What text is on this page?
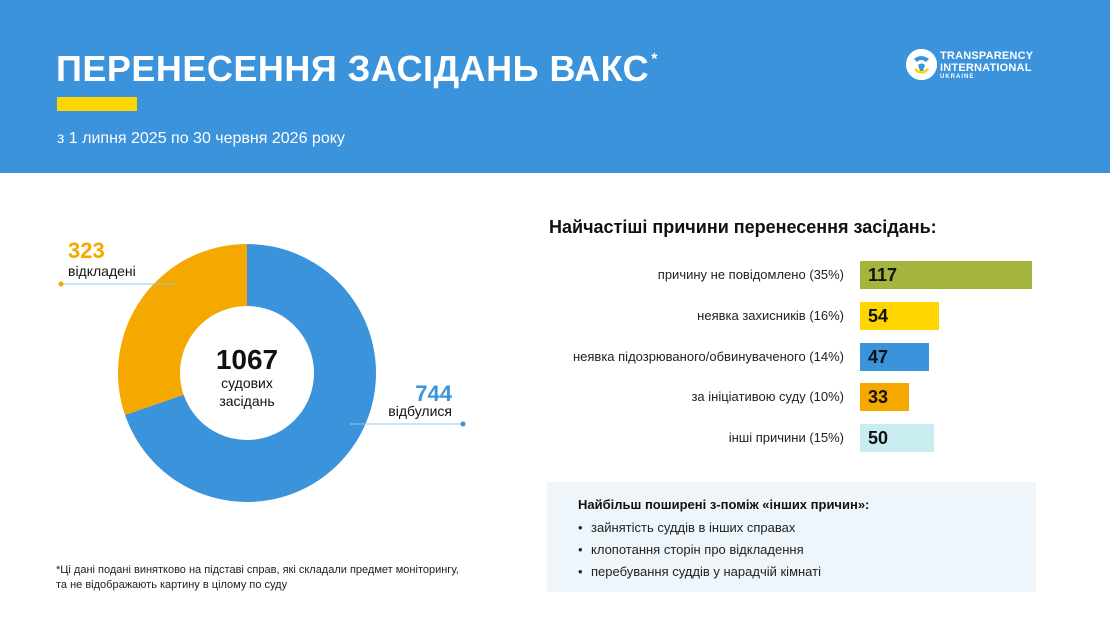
ПЕРЕНЕСЕННЯ ЗАСІДАНЬ ВАКС *
з 1 липня 2025 по 30 червня 2026 року
TRANSPARENCY
INTERNATIONAL
UKRAINE
1067
судових
засідань
323
відкладені
744
відбулися
Найчастіші причини перенесення засідань:
причину не повідомлено (35%) 117
неявка захисників (16%) 54
неявка підозрюваного/обвинуваченого (14%) 47
за ініціативою суду (10%) 33
інші причини (15%) 50
Найбільш поширені з-поміж «інших причин»:
• зайнятість суддів в інших справах
• клопотання сторін про відкладення
• перебування суддів у нарадчій кімнаті
*Ці дані подані винятково на підставі справ, які складали предмет моніторингу,
та не відображають картину в цілому по суду
